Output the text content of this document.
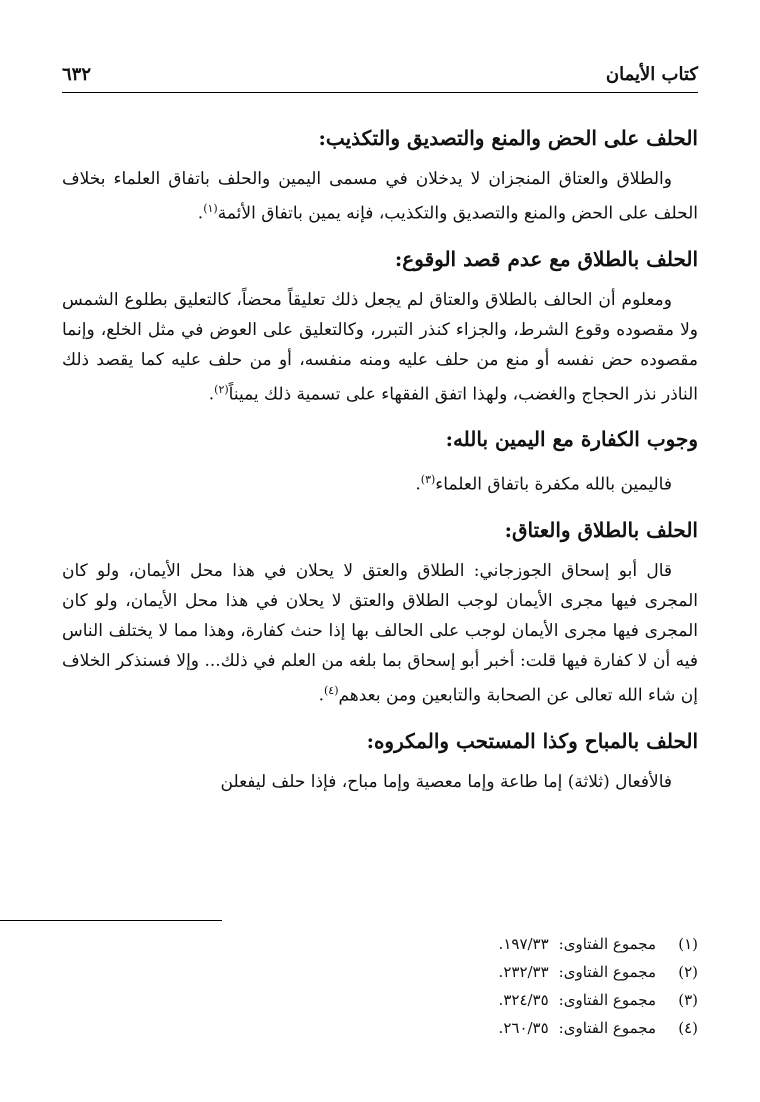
كتاب الأيمان
٦٣٢
الحلف على الحض والمنع والتصديق والتكذيب:

والطلاق والعتاق المنجزان لا يدخلان في مسمى اليمين والحلف باتفاق العلماء بخلاف الحلف على الحض والمنع والتصديق والتكذيب، فإنه يمين باتفاق الأئمة$^{(١)}$.

الحلف بالطلاق مع عدم قصد الوقوع:

ومعلوم أن الحالف بالطلاق والعتاق لم يجعل ذلك تعليقاً محضاً، كالتعليق بطلوع الشمس ولا مقصوده وقوع الشرط، والجزاء كنذر التبرر، وكالتعليق على العوض في مثل الخلع، وإنما مقصوده حض نفسه أو منع من حلف عليه ومنه منفسه، أو من حلف عليه كما يقصد ذلك الناذر نذر الحجاج والغضب، ولهذا اتفق الفقهاء على تسمية ذلك يميناً$^{(٢)}$.

وجوب الكفارة مع اليمين بالله:

فاليمين بالله مكفرة باتفاق العلماء$^{(٣)}$.

الحلف بالطلاق والعتاق:

قال أبو إسحاق الجوزجاني: الطلاق والعتق لا يحلان في هذا محل الأيمان، ولو كان المجرى فيها مجرى الأيمان لوجب الطلاق والعتق لا يحلان في هذا محل الأيمان، ولو كان المجرى فيها مجرى الأيمان لوجب على الحالف بها إذا حنث كفارة، وهذا مما لا يختلف الناس فيه أن لا كفارة فيها قلت: أخبر أبو إسحاق بما بلغه من العلم في ذلك... وإلا فسنذكر الخلاف إن شاء الله تعالى عن الصحابة والتابعين ومن بعدهم$^{(٤)}$.

الحلف بالمباح وكذا المستحب والمكروه:

فالأفعال (ثلاثة) إما طاعة وإما معصية وإما مباح، فإذا حلف ليفعلن

(١)مجموع الفتاوى:١٩٧/٣٣.
(٢)مجموع الفتاوى:٢٣٢/٣٣.
(٣)مجموع الفتاوى:٣٢٤/٣٥.
(٤)مجموع الفتاوى:٢٦٠/٣٥.
